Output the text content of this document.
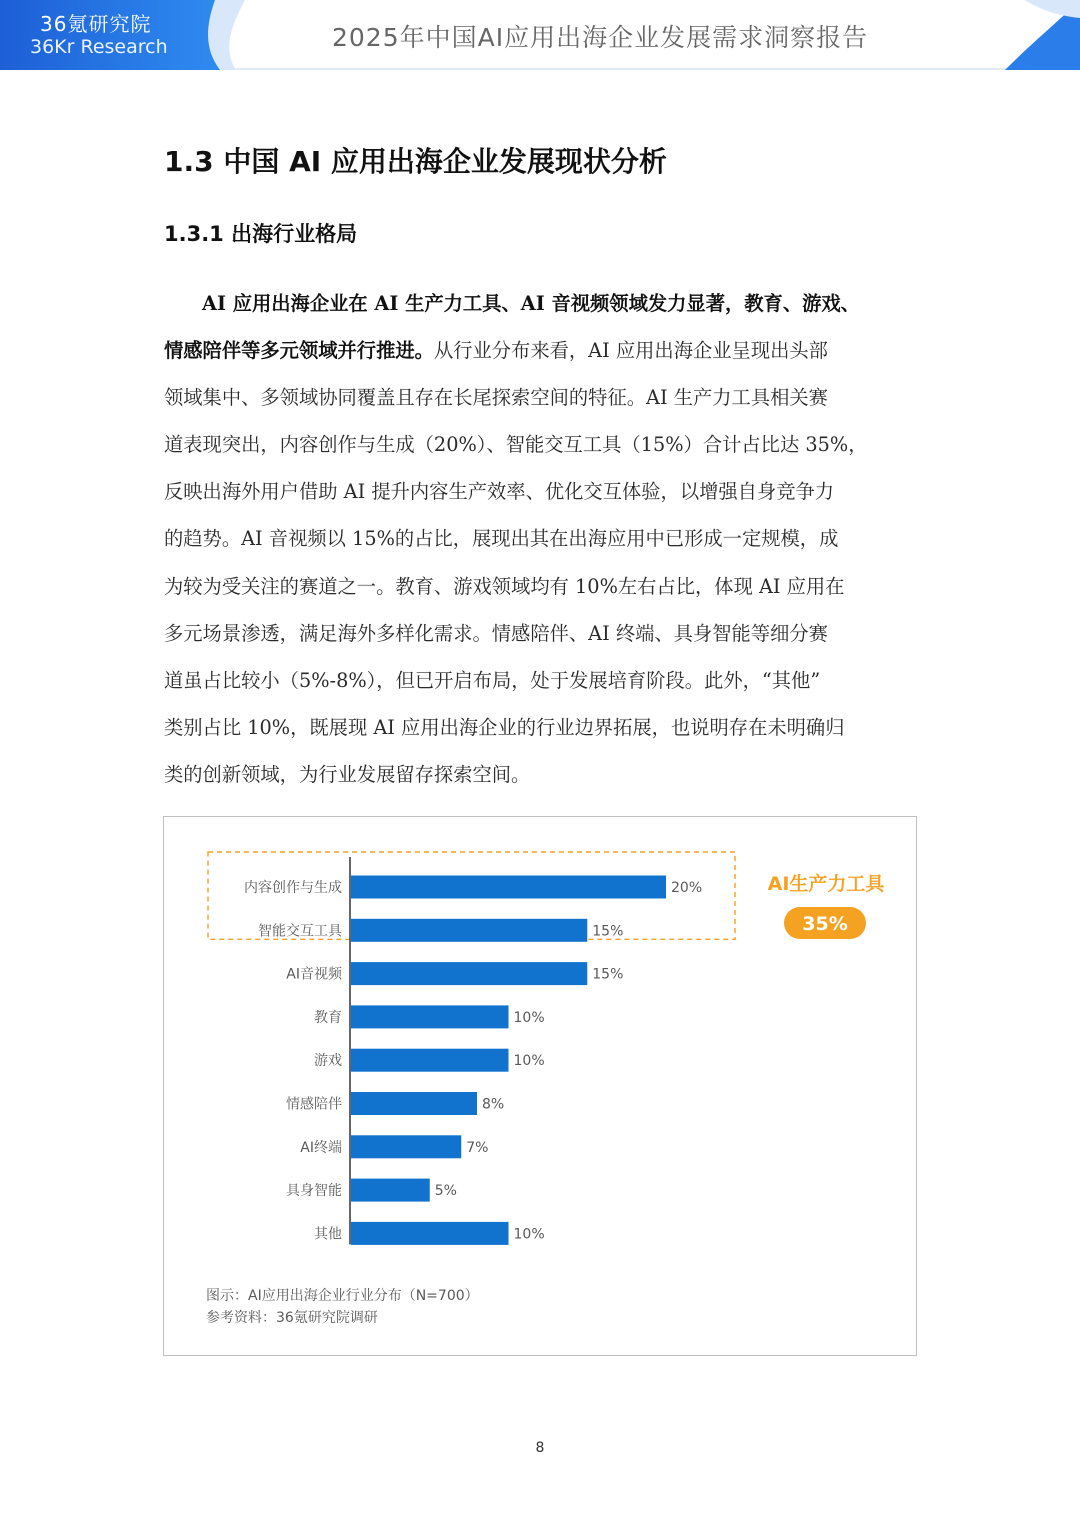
36氪研究院
36Kr Research	2025年中国AI应用出海企业发展需求洞察报告
1.3 中国 AI 应用出海企业发展现状分析
1.3.1 出海行业格局
AI 应用出海企业在 AI 生产力工具、AI 音视频领域发力显著，教育、游戏、
情感陪伴等多元领域并行推进。从行业分布来看，AI 应用出海企业呈现出头部
领域集中、多领域协同覆盖且存在长尾探索空间的特征。AI 生产力工具相关赛
道表现突出，内容创作与生成（20%）、智能交互工具（15%）合计占比达 35%，
反映出海外用户借助 AI 提升内容生产效率、优化交互体验，以增强自身竞争力
的趋势。AI 音视频以 15%的占比，展现出其在出海应用中已形成一定规模，成
为较为受关注的赛道之一。教育、游戏领域均有 10%左右占比，体现 AI 应用在
多元场景渗透，满足海外多样化需求。情感陪伴、AI 终端、具身智能等细分赛
道虽占比较小（5%-8%），但已开启布局，处于发展培育阶段。此外，“其他”
类别占比 10%，既展现 AI 应用出海企业的行业边界拓展，也说明存在未明确归
类的创新领域，为行业发展留存探索空间。
内容创作与生成	20%
智能交互工具	15%
AI音视频	15%
教育	10%
游戏	10%
情感陪伴	8%
AI终端	7%
具身智能	5%
其他	10%
AI生产力工具
35%
图示：AI应用出海企业行业分布（N=700）
参考资料：36氪研究院调研
8
